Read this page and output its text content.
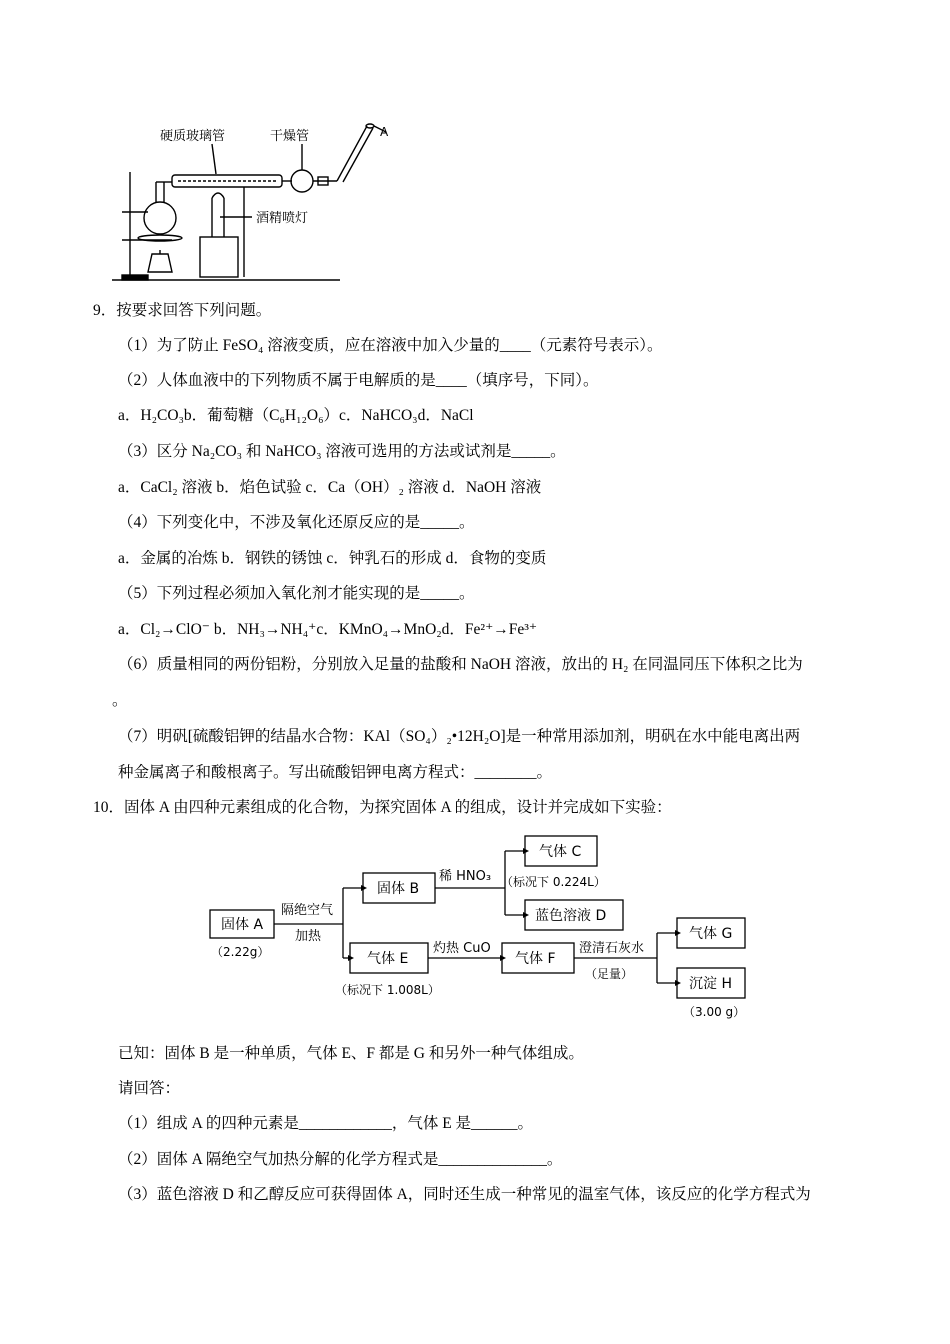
硬质玻璃管	干燥管	A
酒精喷灯
9．按要求回答下列问题。
（1）为了防止 FeSO₄ 溶液变质，应在溶液中加入少量的____（元素符号表示）。
（2）人体血液中的下列物质不属于电解质的是____（填序号，下同）。
a．H₂CO₃b．葡萄糖（C₆H₁₂O₆）c．NaHCO₃d．NaCl
（3）区分 Na₂CO₃ 和 NaHCO₃ 溶液可选用的方法或试剂是_____。
a．CaCl₂ 溶液 b．焰色试验 c．Ca（OH）₂ 溶液 d．NaOH 溶液
（4）下列变化中，不涉及氧化还原反应的是_____。
a．金属的冶炼 b．钢铁的锈蚀 c．钟乳石的形成 d．食物的变质
（5）下列过程必须加入氧化剂才能实现的是_____。
a．Cl₂→ClO⁻ b．NH₃→NH₄⁺c．KMnO₄→MnO₂d．Fe²⁺→Fe³⁺
（6）质量相同的两份铝粉，分别放入足量的盐酸和 NaOH 溶液，放出的 H₂ 在同温同压下体积之比为
。
（7）明矾[硫酸铝钾的结晶水合物：KAl（SO₄）₂•12H₂O]是一种常用添加剂，明矾在水中能电离出两
种金属离子和酸根离子。写出硫酸铝钾电离方程式：________。
10．固体 A 由四种元素组成的化合物，为探究固体 A 的组成，设计并完成如下实验：
固体 A
（2.22g）
隔绝空气
加热
固体 B
稀 HNO₃
气体 C
（标况下 0.224L）
蓝色溶液 D
气体 E
（标况下 1.008L）
灼热 CuO
气体 F
澄清石灰水
（足量）
气体 G
沉淀 H
（3.00 g）
已知：固体 B 是一种单质，气体 E、F 都是 G 和另外一种气体组成。
请回答：
（1）组成 A 的四种元素是____________，气体 E 是______。
（2）固体 A 隔绝空气加热分解的化学方程式是______________。
（3）蓝色溶液 D 和乙醇反应可获得固体 A，同时还生成一种常见的温室气体，该反应的化学方程式为
